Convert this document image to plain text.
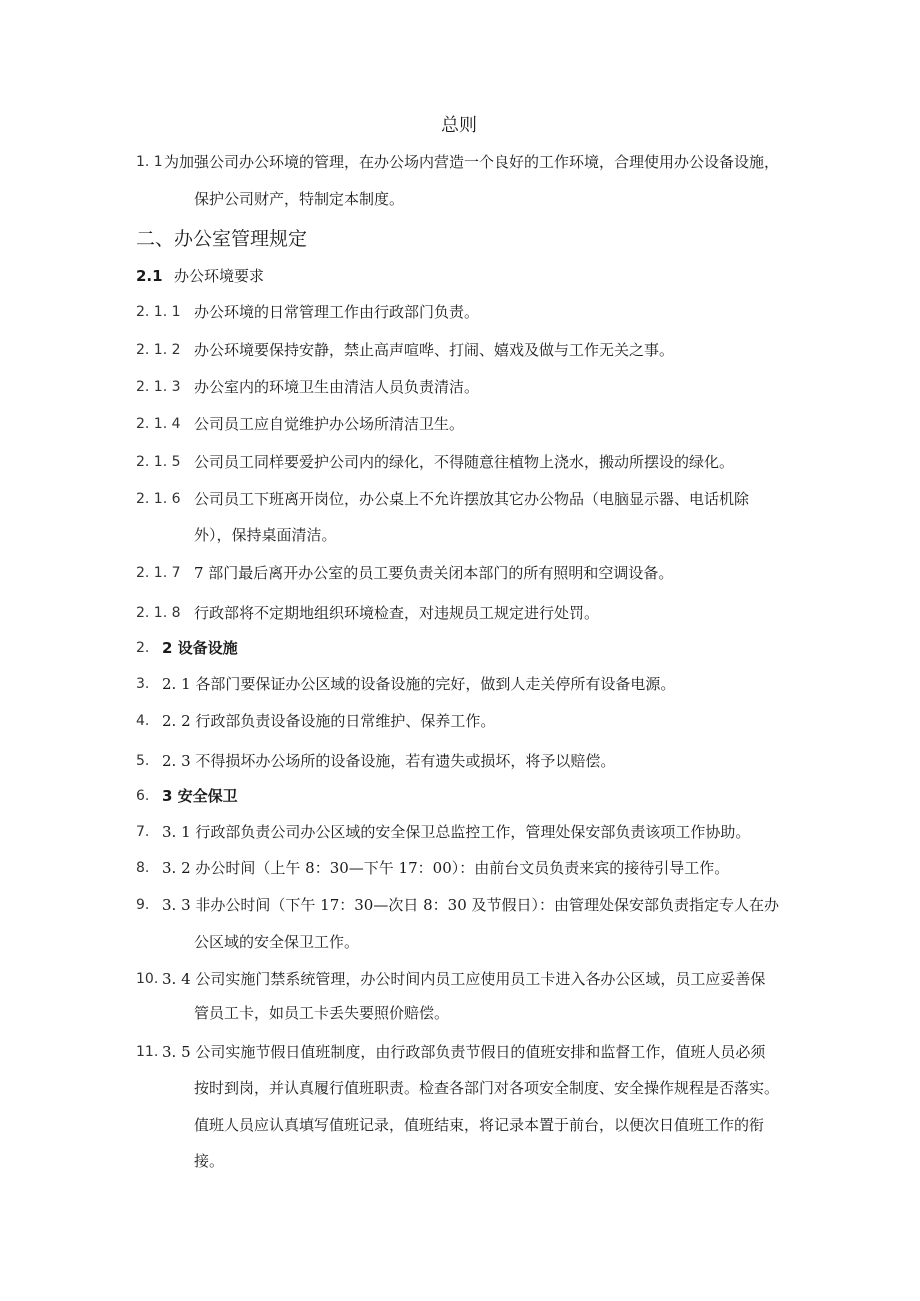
总则
1. 1 为加强公司办公环境的管理，在办公场内营造一个良好的工作环境，合理使用办公设备设施，
保护公司财产，特制定本制度。
二、办公室管理规定
2.1 办公环境要求
2. 1. 1 办公环境的日常管理工作由行政部门负责。
2. 1. 2 办公环境要保持安静，禁止高声喧哗、打闹、嬉戏及做与工作无关之事。
2. 1. 3 办公室内的环境卫生由清洁人员负责清洁。
2. 1. 4 公司员工应自觉维护办公场所清洁卫生。
2. 1. 5 公司员工同样要爱护公司内的绿化，不得随意往植物上浇水，搬动所摆设的绿化。
2. 1. 6 公司员工下班离开岗位，办公桌上不允许摆放其它办公物品（电脑显示器、电话机除
外），保持桌面清洁。
2. 1. 7 7 部门最后离开办公室的员工要负责关闭本部门的所有照明和空调设备。
2. 1. 8 行政部将不定期地组织环境检查，对违规员工规定进行处罚。
2. 2 设备设施
3. 2. 1 各部门要保证办公区域的设备设施的完好，做到人走关停所有设备电源。
4. 2. 2 行政部负责设备设施的日常维护、保养工作。
5. 2. 3 不得损坏办公场所的设备设施，若有遗失或损坏，将予以赔偿。
6. 3 安全保卫
7. 3. 1 行政部负责公司办公区域的安全保卫总监控工作，管理处保安部负责该项工作协助。
8. 3. 2 办公时间（上午 8：30—下午 17：00）：由前台文员负责来宾的接待引导工作。
9. 3. 3 非办公时间（下午 17：30—次日 8：30 及节假日）：由管理处保安部负责指定专人在办
公区域的安全保卫工作。
10. 3. 4 公司实施门禁系统管理，办公时间内员工应使用员工卡进入各办公区域，员工应妥善保
管员工卡，如员工卡丢失要照价赔偿。
11. 3. 5 公司实施节假日值班制度，由行政部负责节假日的值班安排和监督工作，值班人员必须
按时到岗，并认真履行值班职责。检查各部门对各项安全制度、安全操作规程是否落实。
值班人员应认真填写值班记录，值班结束，将记录本置于前台，以便次日值班工作的衔
接。
